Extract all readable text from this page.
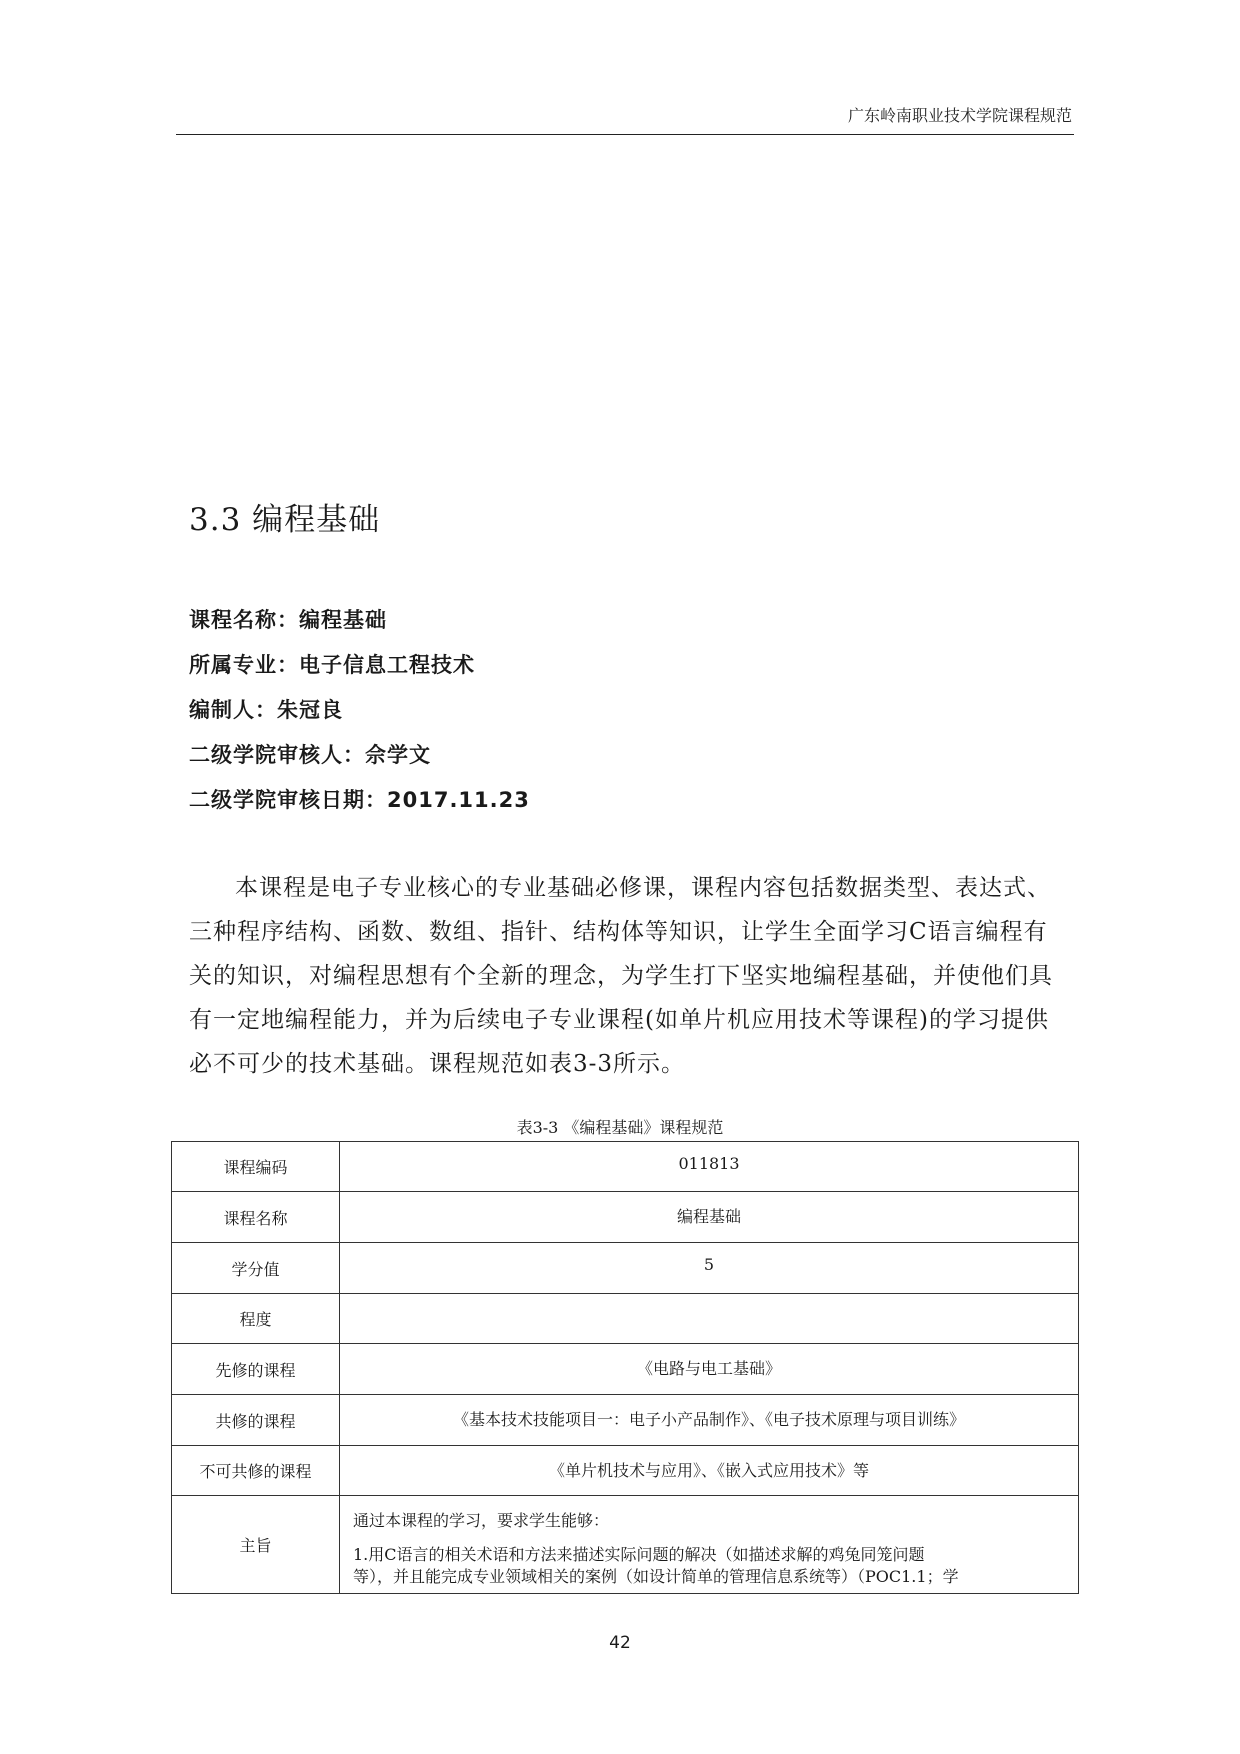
广东岭南职业技术学院课程规范
3.3 编程基础
课程名称：编程基础
所属专业：电子信息工程技术
编制人：朱冠良
二级学院审核人：佘学文
二级学院审核日期：2017.11.23

本课程是电子专业核心的专业基础必修课，课程内容包括数据类型、表达式、三种程序结构、函数、数组、指针、结构体等知识，让学生全面学习C语言编程有关的知识，对编程思想有个全新的理念，为学生打下坚实地编程基础，并使他们具有一定地编程能力，并为后续电子专业课程(如单片机应用技术等课程)的学习提供必不可少的技术基础。课程规范如表3-3所示。

表3-3 《编程基础》课程规范
课程编码	011813
课程名称	编程基础
学分值	5
程度	
先修的课程	《电路与电工基础》
共修的课程	《基本技术技能项目一：电子小产品制作》、《电子技术原理与项目训练》
不可共修的课程	《单片机技术与应用》、《嵌入式应用技术》等
主旨	通过本课程的学习，要求学生能够：
1.用C语言的相关术语和方法来描述实际问题的解决（如描述求解的鸡兔同笼问题
等），并且能完成专业领域相关的案例（如设计简单的管理信息系统等）（POC1.1；学
42
